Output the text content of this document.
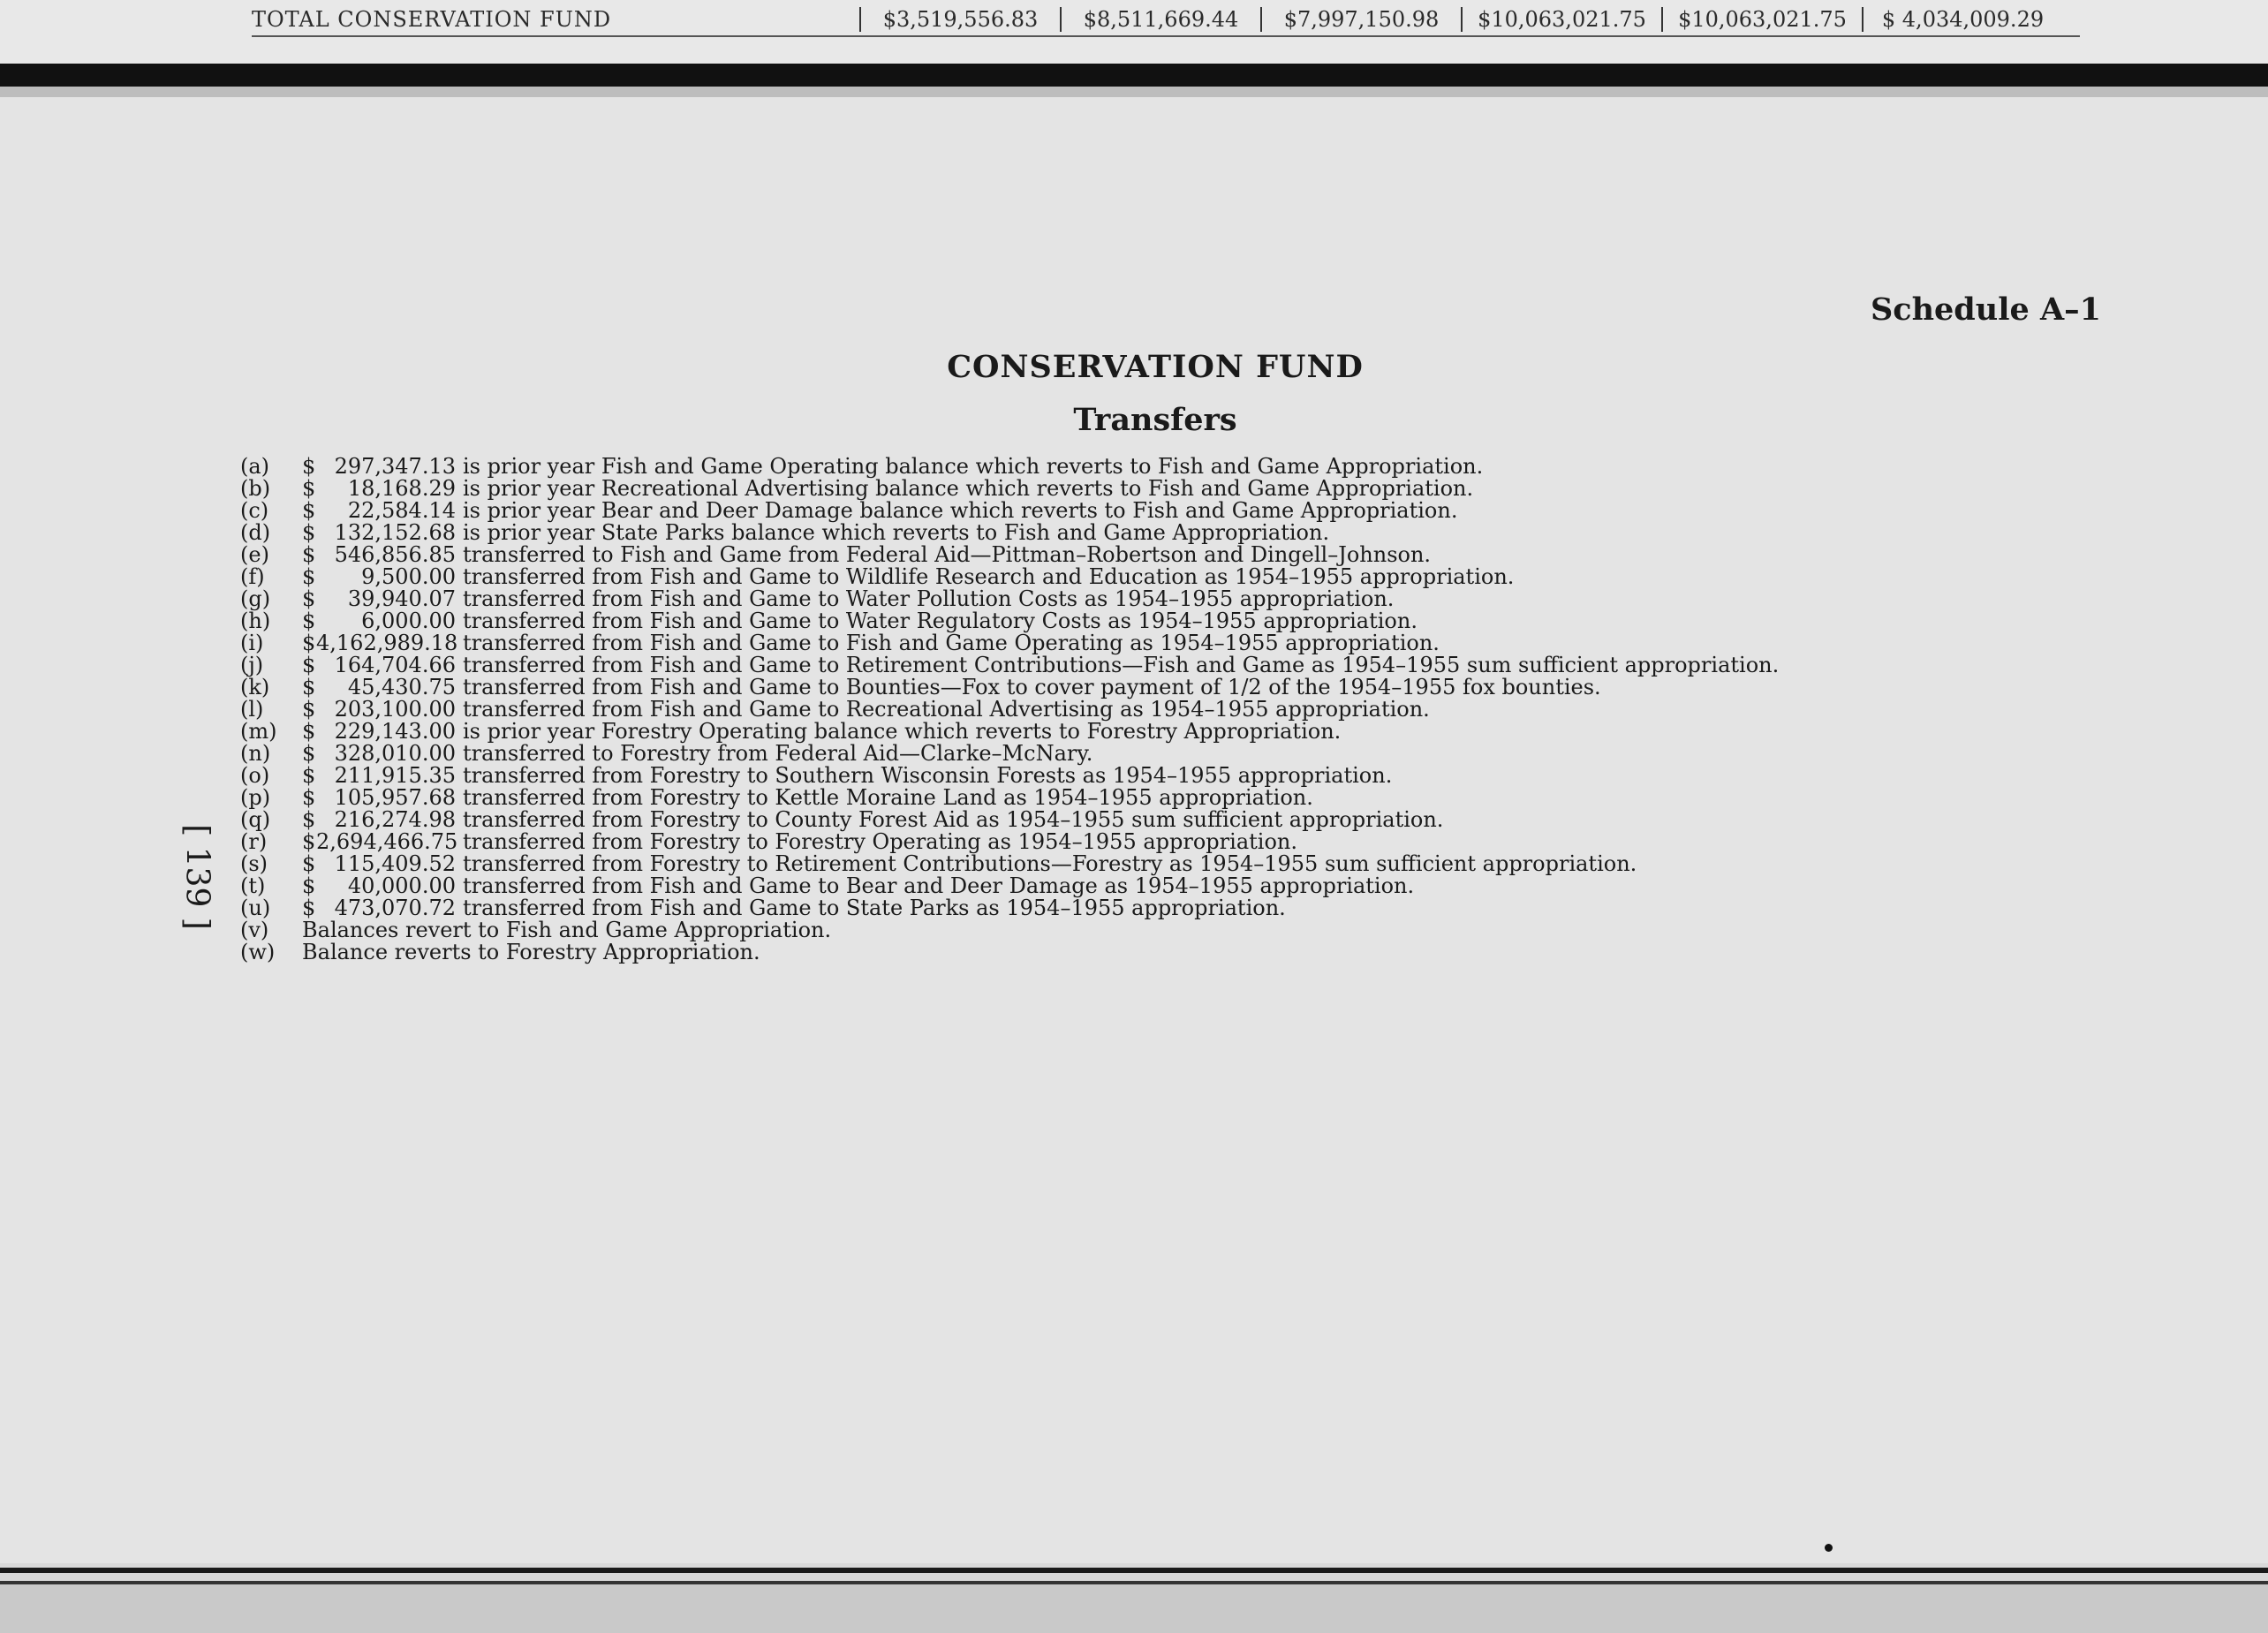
TOTAL CONSERVATION FUND	$3,519,556.83	$8,511,669.44	$7,997,150.98	$10,063,021.75	$10,063,021.75	$ 4,034,009.29
Schedule A–1
CONSERVATION FUND
Transfers
(a)	$ 297,347.13 is prior year Fish and Game Operating balance which reverts to Fish and Game Appropriation.
(b)	$	18,168.29 is prior year Recreational Advertising balance which reverts to Fish and Game Appropriation.
(c)	$	22,584.14 is prior year Bear and Deer Damage balance which reverts to Fish and Game Appropriation.
(d)	$ 132,152.68 is prior year State Parks balance which reverts to Fish and Game Appropriation.
(e)	$ 546,856.85 transferred to Fish and Game from Federal Aid—Pittman–Robertson and Dingell–Johnson.
(f)	$	9,500.00 transferred from Fish and Game to Wildlife Research and Education as 1954–1955 appropriation.
(g)	$	39,940.07 transferred from Fish and Game to Water Pollution Costs as 1954–1955 appropriation.
(h)	$	6,000.00 transferred from Fish and Game to Water Regulatory Costs as 1954–1955 appropriation.
(i)	$ 4,162,989.18 transferred from Fish and Game to Fish and Game Operating as 1954–1955 appropriation.
(j)	$ 164,704.66 transferred from Fish and Game to Retirement Contributions—Fish and Game as 1954–1955 sum sufficient appropriation.
(k)	$	45,430.75 transferred from Fish and Game to Bounties—Fox to cover payment of 1/2 of the 1954–1955 fox bounties.
(l)	$ 203,100.00 transferred from Fish and Game to Recreational Advertising as 1954–1955 appropriation.
(m)	$ 229,143.00 is prior year Forestry Operating balance which reverts to Forestry Appropriation.
(n)	$ 328,010.00 transferred to Forestry from Federal Aid—Clarke–McNary.
(o)	$ 211,915.35 transferred from Forestry to Southern Wisconsin Forests as 1954–1955 appropriation.
(p)	$ 105,957.68 transferred from Forestry to Kettle Moraine Land as 1954–1955 appropriation.
(q)	$ 216,274.98 transferred from Forestry to County Forest Aid as 1954–1955 sum sufficient appropriation.
(r)	$ 2,694,466.75 transferred from Forestry to Forestry Operating as 1954–1955 appropriation.
(s)	$ 115,409.52 transferred from Forestry to Retirement Contributions—Forestry as 1954–1955 sum sufficient appropriation.
(t)	$	40,000.00 transferred from Fish and Game to Bear and Deer Damage as 1954–1955 appropriation.
(u)	$ 473,070.72 transferred from Fish and Game to State Parks as 1954–1955 appropriation.
(v)	Balances revert to Fish and Game Appropriation.
(w)	Balance reverts to Forestry Appropriation.
[ 139 ]
